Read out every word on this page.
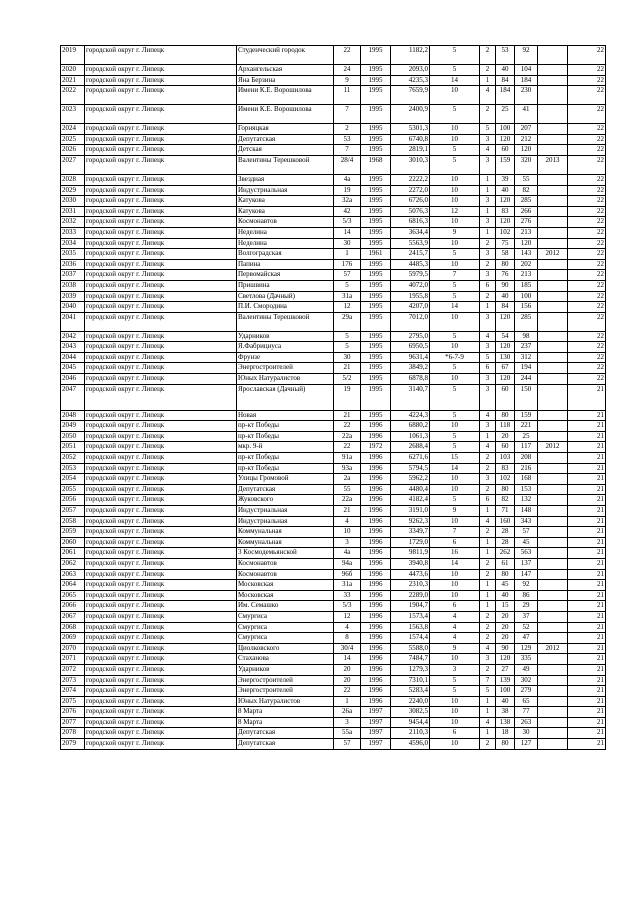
2019	городской округ г. Липецк	Студенческий городок	22	1995	1182,2	5	2	53	92		22
2020	городской округ г. Липецк	Архангельская	24	1995	2093,0	5	2	40	104		22
2021	городской округ г. Липецк	Яна Берзина	9	1995	4235,3	14	1	84	184		22
2022	городской округ г. Липецк	Имени К.Е. Ворошилова	11	1995	7659,9	10	4	184	230		22
2023	городской округ г. Липецк	Имени К.Е. Ворошилова	7	1995	2400,9	5	2	25	41		22
2024	городской округ г. Липецк	Горняцкая	2	1995	5301,3	10	5	100	207		22
2025	городской округ г. Липецк	Депутатская	53	1995	6740,8	10	3	120	212		22
2026	городской округ г. Липецк	Детская	7	1995	2819,1	5	4	60	120		22
2027	городской округ г. Липецк	Валентины Терешковой	28/4	1968	3010,3	5	3	159	320	2013	22
2028	городской округ г. Липецк	Звездная	4а	1995	2222,2	10	1	39	55		22
2029	городской округ г. Липецк	Индустриальная	19	1995	2272,0	10	1	40	82		22
2030	городской округ г. Липецк	Катукова	32а	1995	6726,0	10	3	120	285		22
2031	городской округ г. Липецк	Катукова	42	1995	5076,3	12	1	83	266		22
2032	городской округ г. Липецк	Космонавтов	5/3	1995	6816,3	10	3	120	276		22
2033	городской округ г. Липецк	Неделина	14	1995	3634,4	9	1	102	213		22
2034	городской округ г. Липецк	Неделина	30	1995	5563,9	10	2	75	120		22
2035	городской округ г. Липецк	Волгоградская	1	1961	2415,7	5	3	58	143	2012	22
2036	городской округ г. Липецк	Папина	176	1995	4485,3	10	2	80	202		22
2037	городской округ г. Липецк	Первомайская	57	1995	5979,5	7	3	76	213		22
2038	городской округ г. Липецк	Пришвина	5	1995	4072,0	5	6	90	185		22
2039	городской округ г. Липецк	Светлова (Дачный)	31а	1995	1955,8	5	2	40	100		22
2040	городской округ г. Липецк	П.И. Смородина	12	1995	4207,0	14	1	84	156		22
2041	городской округ г. Липецк	Валентины Терешковой	29а	1995	7012,0	10	3	120	285		22
2042	городской округ г. Липецк	Ударников	5	1995	2795,0	5	4	54	98		22
2043	городской округ г. Липецк	Я.Фабрициуса	5	1995	6950,5	10	3	120	237		22
2044	городской округ г. Липецк	Фрунзе	30	1995	9631,4	*6-7-9	5	130	312		22
2045	городской округ г. Липецк	Энергостроителей	21	1995	3849,2	5	6	67	194		22
2046	городской округ г. Липецк	Юных Натуралистов	5/2	1995	6878,8	10	3	120	244		22
2047	городской округ г. Липецк	Ярославская (Дачный)	19	1995	3140,7	5	3	60	150		21
2048	городской округ г. Липецк	Новая	21	1995	4224,3	5	4	80	159		21
2049	городской округ г. Липецк	пр-кт Победы	22	1996	6880,2	10	3	118	221		21
2050	городской округ г. Липецк	пр-кт Победы	22а	1996	1061,3	5	1	20	25		21
2051	городской округ г. Липецк	мкр. 9-й	22	1972	2688,4	5	4	60	117	2012	21
2052	городской округ г. Липецк	пр-кт Победы	91а	1996	6271,6	15	2	103	208		21
2053	городской округ г. Липецк	пр-кт Победы	93а	1996	5794,5	14	2	83	216		21
2054	городской округ г. Липецк	Улицы Громовой	2а	1996	5962,2	10	3	102	168		21
2055	городской округ г. Липецк	Депутатская	55	1996	4480,4	10	2	80	153		21
2056	городской округ г. Липецк	Жуковского	22а	1996	4182,4	5	6	82	132		21
2057	городской округ г. Липецк	Индустриальная	21	1996	3191,0	9	1	71	148		21
2058	городской округ г. Липецк	Индустриальная	4	1996	9262,3	10	4	160	343		21
2059	городской округ г. Липецк	Коммунальная	10	1996	3349,7	7	2	28	57		21
2060	городской округ г. Липецк	Коммунальная	3	1996	1729,0	6	1	28	45		21
2061	городской округ г. Липецк	3 Космодемьянской	4а	1996	9811,9	16	1	262	563		21
2062	городской округ г. Липецк	Космонавтов	94а	1996	3940,8	14	2	61	137		21
2063	городской округ г. Липецк	Космонавтов	96б	1996	4473,6	10	2	80	147		21
2064	городской округ г. Липецк	Московская	31а	1996	2310,3	10	1	45	92		21
2065	городской округ г. Липецк	Московская	33	1996	2289,0	10	1	40	86		21
2066	городской округ г. Липецк	Им. Семашко	5/3	1996	1904,7	6	1	15	29		21
2067	городской округ г. Липецк	Смургиса	12	1996	1573,4	4	2	20	37		21
2068	городской округ г. Липецк	Смургиса	4	1996	1563,8	4	2	20	52		21
2069	городской округ г. Липецк	Смургиса	8	1996	1574,4	4	2	20	47		21
2070	городской округ г. Липецк	Циолковского	30/4	1996	5588,0	9	4	90	129	2012	21
2071	городской округ г. Липецк	Стаханова	14	1996	7484,7	10	3	120	335		21
2072	городской округ г. Липецк	Ударников	20	1996	1279,3	3	2	27	49		21
2073	городской округ г. Липецк	Энергостроителей	20	1996	7310,1	5	7	139	302		21
2074	городской округ г. Липецк	Энергостроителей	22	1996	5283,4	5	5	100	279		21
2075	городской округ г. Липецк	Юных Натуралистов	1	1996	2240,0	10	1	40	65		21
2076	городской округ г. Липецк	8 Марта	26а	1997	3082,5	10	1	38	77		21
2077	городской округ г. Липецк	8 Марта	3	1997	9454,4	10	4	138	263		21
2078	городской округ г. Липецк	Депутатская	55а	1997	2110,3	6	1	18	30		21
2079	городской округ г. Липецк	Депутатская	57	1997	4596,0	10	2	80	127		21
